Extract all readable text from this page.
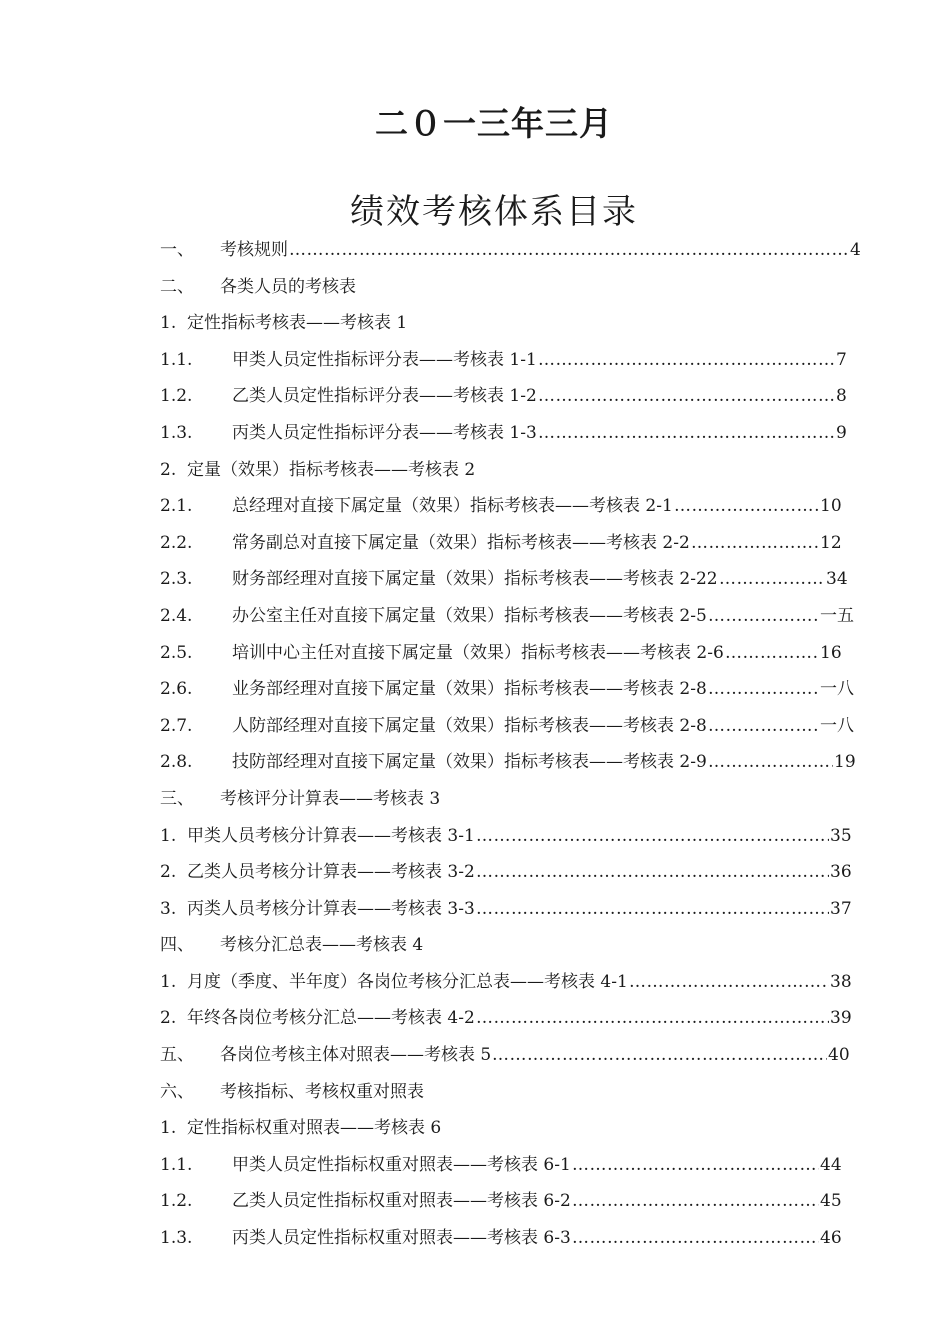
二０一三年三月
绩效考核体系目录
一、 考核规则 ………………………………………………………………………………………………………………………………………………………………	4
二、 各类人员的考核表
1. 定性指标考核表——考核表 1
1.1. 甲类人员定性指标评分表——考核表 1-1 ………………………………………………………………………………………………………………………………………………………………	7
1.2. 乙类人员定性指标评分表——考核表 1-2 ………………………………………………………………………………………………………………………………………………………………	8
1.3. 丙类人员定性指标评分表——考核表 1-3 ………………………………………………………………………………………………………………………………………………………………	9
2. 定量（效果）指标考核表——考核表 2
2.1. 总经理对直接下属定量（效果）指标考核表——考核表 2-1 ………………………………………………………………………………………………………………………………………………………………	10
2.2. 常务副总对直接下属定量（效果）指标考核表——考核表 2-2 ………………………………………………………………………………………………………………………………………………………………	12
2.3. 财务部经理对直接下属定量（效果）指标考核表——考核表 2-22 ………………………………………………………………………………………………………………………………………………………………	34
2.4. 办公室主任对直接下属定量（效果）指标考核表——考核表 2-5 ………………………………………………………………………………………………………………………………………………………………	一五
2.5. 培训中心主任对直接下属定量（效果）指标考核表——考核表 2-6 ………………………………………………………………………………………………………………………………………………………………	16
2.6. 业务部经理对直接下属定量（效果）指标考核表——考核表 2-8 ………………………………………………………………………………………………………………………………………………………………	一八
2.7. 人防部经理对直接下属定量（效果）指标考核表——考核表 2-8 ………………………………………………………………………………………………………………………………………………………………	一八
2.8. 技防部经理对直接下属定量（效果）指标考核表——考核表 2-9 ………………………………………………………………………………………………………………………………………………………………	19
三、 考核评分计算表——考核表 3
1. 甲类人员考核分计算表——考核表 3-1 ………………………………………………………………………………………………………………………………………………………………	35
2. 乙类人员考核分计算表——考核表 3-2 ………………………………………………………………………………………………………………………………………………………………	36
3. 丙类人员考核分计算表——考核表 3-3 ………………………………………………………………………………………………………………………………………………………………	37
四、 考核分汇总表——考核表 4
1. 月度（季度、半年度）各岗位考核分汇总表——考核表 4-1 ………………………………………………………………………………………………………………………………………………………………	38
2. 年终各岗位考核分汇总——考核表 4-2 ………………………………………………………………………………………………………………………………………………………………	39
五、 各岗位考核主体对照表——考核表 5 ………………………………………………………………………………………………………………………………………………………………	40
六、 考核指标、考核权重对照表
1. 定性指标权重对照表——考核表 6
1.1. 甲类人员定性指标权重对照表——考核表 6-1 ………………………………………………………………………………………………………………………………………………………………	44
1.2. 乙类人员定性指标权重对照表——考核表 6-2 ………………………………………………………………………………………………………………………………………………………………	45
1.3. 丙类人员定性指标权重对照表——考核表 6-3 ………………………………………………………………………………………………………………………………………………………………	46
